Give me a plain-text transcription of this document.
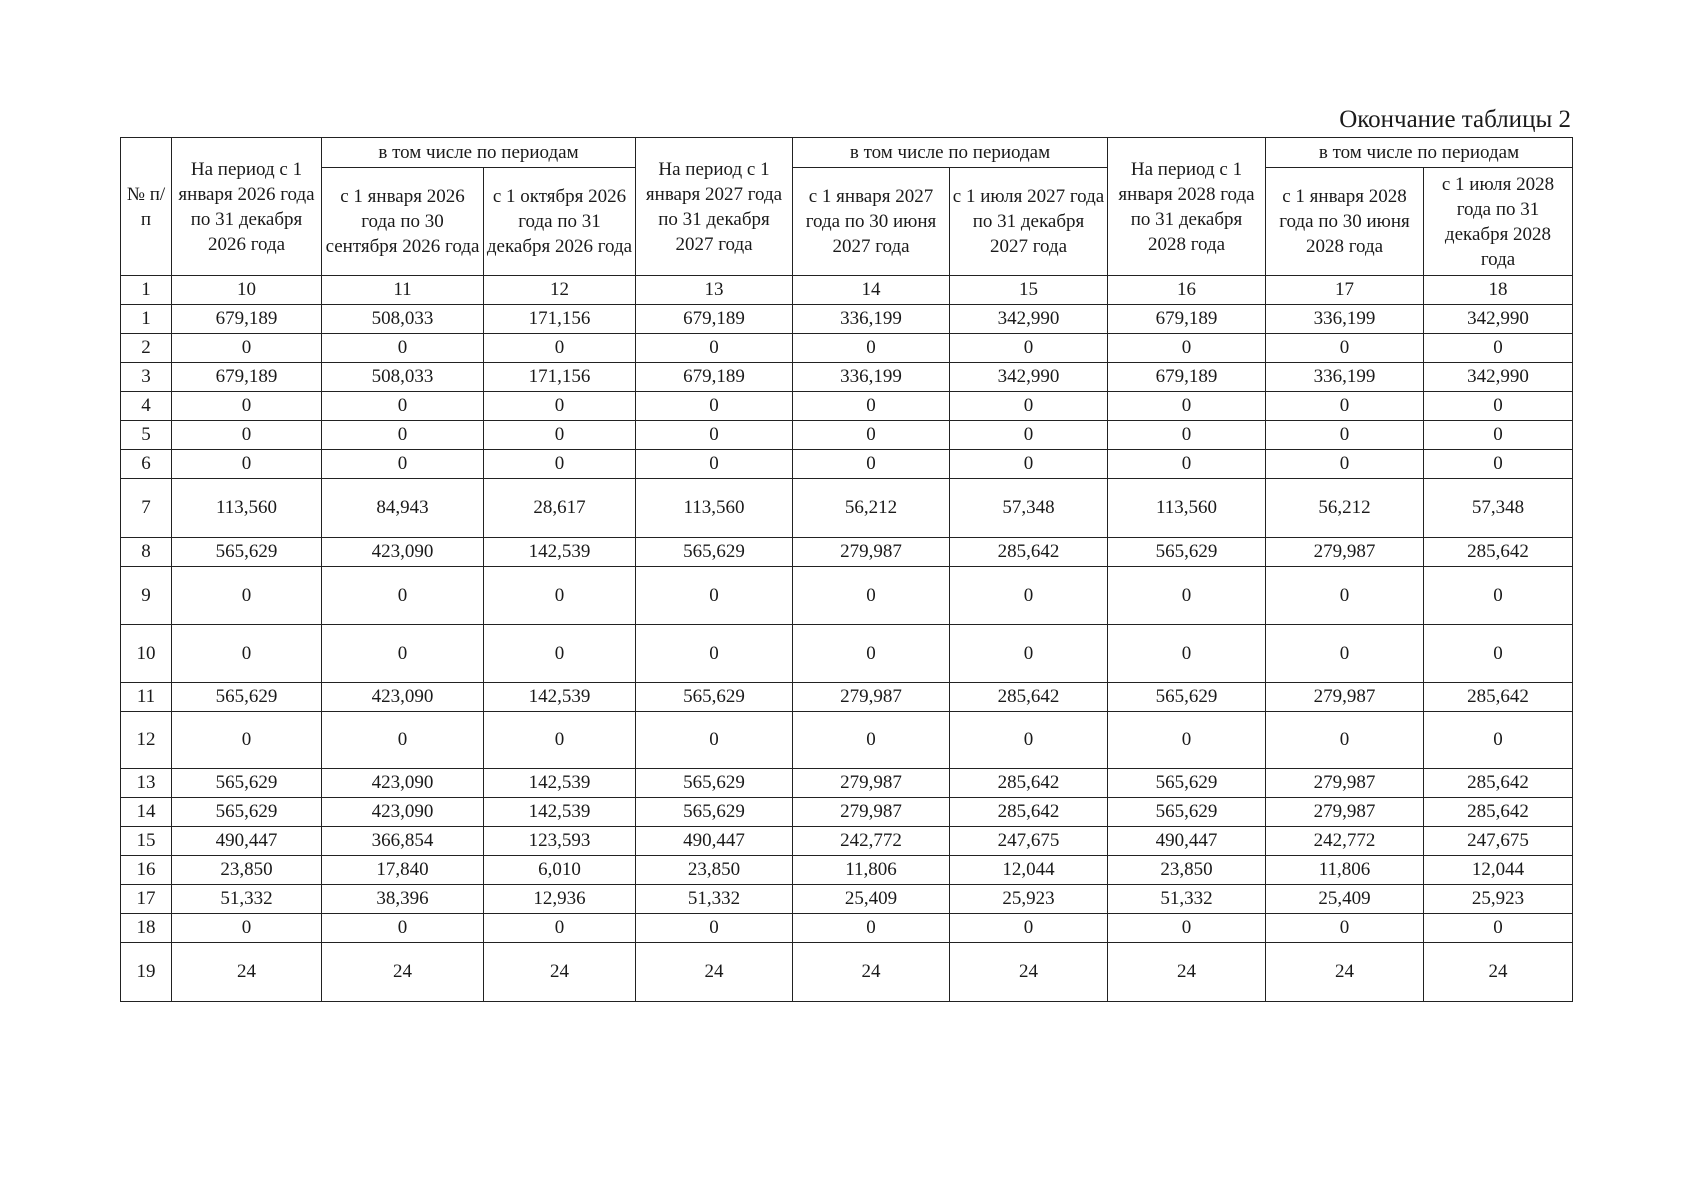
Окончание таблицы 2
№ п/п	На период с 1 января 2026 года по 31 декабря 2026 года	в том числе по периодам		На период с 1 января 2027 года по 31 декабря 2027 года	в том числе по периодам		На период с 1 января 2028 года по 31 декабря 2028 года	в том числе по периодам	
		с 1 января 2026 года по 30 сентября 2026 года	с 1 октября 2026 года по 31 декабря 2026 года		с 1 января 2027 года по 30 июня 2027 года	с 1 июля 2027 года по 31 декабря 2027 года		с 1 января 2028 года по 30 июня 2028 года	с 1 июля 2028 года по 31 декабря 2028 года
1	10	11	12	13	14	15	16	17	18
1	679,189	508,033	171,156	679,189	336,199	342,990	679,189	336,199	342,990
2	0	0	0	0	0	0	0	0	0
3	679,189	508,033	171,156	679,189	336,199	342,990	679,189	336,199	342,990
4	0	0	0	0	0	0	0	0	0
5	0	0	0	0	0	0	0	0	0
6	0	0	0	0	0	0	0	0	0
7	113,560	84,943	28,617	113,560	56,212	57,348	113,560	56,212	57,348
8	565,629	423,090	142,539	565,629	279,987	285,642	565,629	279,987	285,642
9	0	0	0	0	0	0	0	0	0
10	0	0	0	0	0	0	0	0	0
11	565,629	423,090	142,539	565,629	279,987	285,642	565,629	279,987	285,642
12	0	0	0	0	0	0	0	0	0
13	565,629	423,090	142,539	565,629	279,987	285,642	565,629	279,987	285,642
14	565,629	423,090	142,539	565,629	279,987	285,642	565,629	279,987	285,642
15	490,447	366,854	123,593	490,447	242,772	247,675	490,447	242,772	247,675
16	23,850	17,840	6,010	23,850	11,806	12,044	23,850	11,806	12,044
17	51,332	38,396	12,936	51,332	25,409	25,923	51,332	25,409	25,923
18	0	0	0	0	0	0	0	0	0
19	24	24	24	24	24	24	24	24	24
